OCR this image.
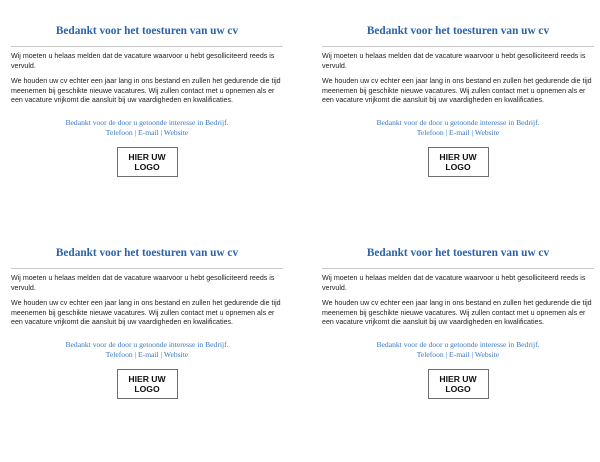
Bedankt voor het toesturen van uw cv

Wij moeten u helaas melden dat de vacature waarvoor u hebt gesolliciteerd reeds is vervuld.

We houden uw cv echter een jaar lang in ons bestand en zullen het gedurende die tijd meenemen bij geschikte nieuwe vacatures. Wij zullen contact met u opnemen als er een vacature vrijkomt die aansluit bij uw vaardigheden en kwalificaties.

Bedankt voor de door u getoonde interesse in Bedrijf.

Telefoon | E-mail | Website

HIER UW
LOGO

Bedankt voor het toesturen van uw cv

Wij moeten u helaas melden dat de vacature waarvoor u hebt gesolliciteerd reeds is vervuld.

We houden uw cv echter een jaar lang in ons bestand en zullen het gedurende die tijd meenemen bij geschikte nieuwe vacatures. Wij zullen contact met u opnemen als er een vacature vrijkomt die aansluit bij uw vaardigheden en kwalificaties.

Bedankt voor de door u getoonde interesse in Bedrijf.

Telefoon | E-mail | Website

HIER UW
LOGO

Bedankt voor het toesturen van uw cv

Wij moeten u helaas melden dat de vacature waarvoor u hebt gesolliciteerd reeds is vervuld.

We houden uw cv echter een jaar lang in ons bestand en zullen het gedurende die tijd meenemen bij geschikte nieuwe vacatures. Wij zullen contact met u opnemen als er een vacature vrijkomt die aansluit bij uw vaardigheden en kwalificaties.

Bedankt voor de door u getoonde interesse in Bedrijf.

Telefoon | E-mail | Website

HIER UW
LOGO

Bedankt voor het toesturen van uw cv

Wij moeten u helaas melden dat de vacature waarvoor u hebt gesolliciteerd reeds is vervuld.

We houden uw cv echter een jaar lang in ons bestand en zullen het gedurende die tijd meenemen bij geschikte nieuwe vacatures. Wij zullen contact met u opnemen als er een vacature vrijkomt die aansluit bij uw vaardigheden en kwalificaties.

Bedankt voor de door u getoonde interesse in Bedrijf.

Telefoon | E-mail | Website

HIER UW
LOGO
